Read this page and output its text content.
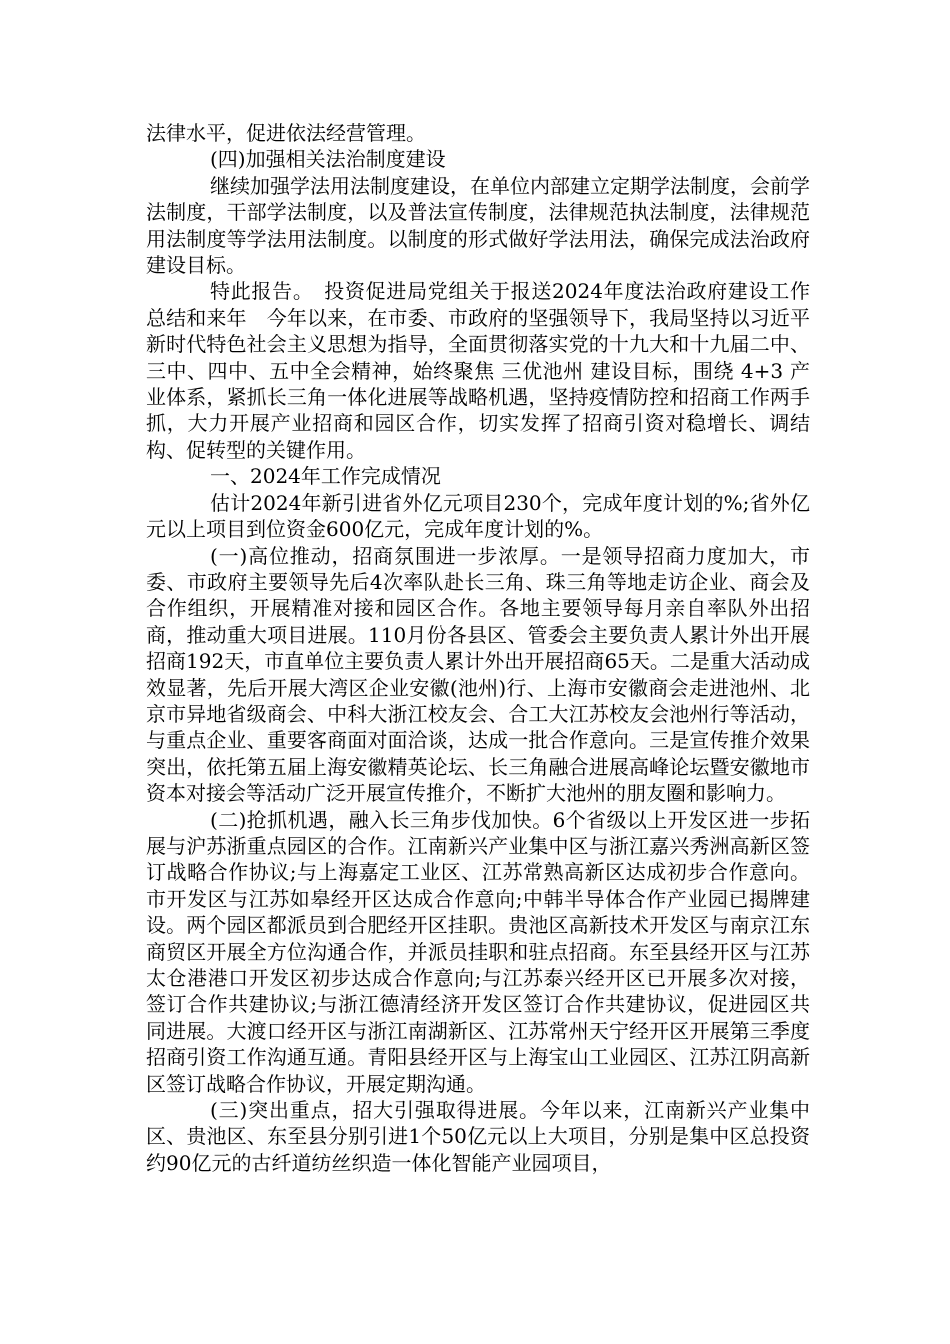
法律水平，促进依法经营管理。

(四)加强相关法治制度建设

继续加强学法用法制度建设，在单位内部建立定期学法制度，会前学法制度，干部学法制度，以及普法宣传制度，法律规范执法制度，法律规范用法制度等学法用法制度。以制度的形式做好学法用法，确保完成法治政府建设目标。

特此报告。　投资促进局党组关于报送2024年度法治政府建设工作总结和来年　今年以来，在市委、市政府的坚强领导下，我局坚持以习近平新时代特色社会主义思想为指导，全面贯彻落实党的十九大和十九届二中、三中、四中、五中全会精神，始终聚焦 三优池州 建设目标，围绕 4+3 产业体系，紧抓长三角一体化进展等战略机遇，坚持疫情防控和招商工作两手抓，大力开展产业招商和园区合作，切实发挥了招商引资对稳增长、调结构、促转型的关键作用。

一、2024年工作完成情况

估计2024年新引进省外亿元项目230个，完成年度计划的%;省外亿元以上项目到位资金600亿元，完成年度计划的%。

(一)高位推动，招商氛围进一步浓厚。一是领导招商力度加大，市委、市政府主要领导先后4次率队赴长三角、珠三角等地走访企业、商会及合作组织，开展精准对接和园区合作。各地主要领导每月亲自率队外出招商，推动重大项目进展。110月份各县区、管委会主要负责人累计外出开展招商192天，市直单位主要负责人累计外出开展招商65天。二是重大活动成效显著，先后开展大湾区企业安徽(池州)行、上海市安徽商会走进池州、北京市异地省级商会、中科大浙江校友会、合工大江苏校友会池州行等活动，与重点企业、重要客商面对面洽谈，达成一批合作意向。三是宣传推介效果突出，依托第五届上海安徽精英论坛、长三角融合进展高峰论坛暨安徽地市资本对接会等活动广泛开展宣传推介，不断扩大池州的朋友圈和影响力。

(二)抢抓机遇，融入长三角步伐加快。6个省级以上开发区进一步拓展与沪苏浙重点园区的合作。江南新兴产业集中区与浙江嘉兴秀洲高新区签订战略合作协议;与上海嘉定工业区、江苏常熟高新区达成初步合作意向。市开发区与江苏如皋经开区达成合作意向;中韩半导体合作产业园已揭牌建设。两个园区都派员到合肥经开区挂职。贵池区高新技术开发区与南京江东商贸区开展全方位沟通合作，并派员挂职和驻点招商。东至县经开区与江苏太仓港港口开发区初步达成合作意向;与江苏泰兴经开区已开展多次对接，签订合作共建协议;与浙江德清经济开发区签订合作共建协议，促进园区共同进展。大渡口经开区与浙江南湖新区、江苏常州天宁经开区开展第三季度招商引资工作沟通互通。青阳县经开区与上海宝山工业园区、江苏江阴高新区签订战略合作协议，开展定期沟通。

(三)突出重点，招大引强取得进展。今年以来，江南新兴产业集中区、贵池区、东至县分别引进1个50亿元以上大项目，分别是集中区总投资约90亿元的古纤道纺丝织造一体化智能产业园项目，
